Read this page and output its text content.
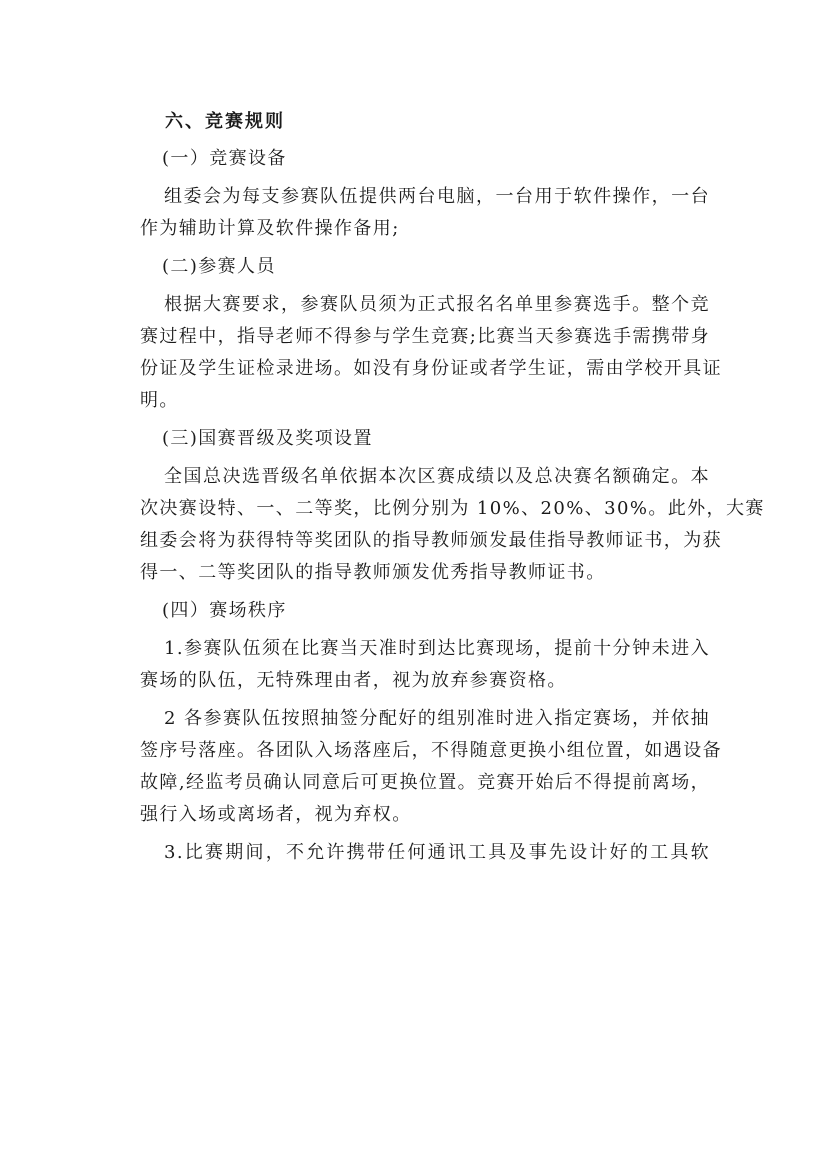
六、竞赛规则
(一）竞赛设备
组委会为每支参赛队伍提供两台电脑，一台用于软件操作，一台
作为辅助计算及软件操作备用;
(二)参赛人员
根据大赛要求，参赛队员须为正式报名名单里参赛选手。整个竞
赛过程中，指导老师不得参与学生竞赛;比赛当天参赛选手需携带身
份证及学生证检录进场。如没有身份证或者学生证，需由学校开具证
明。
(三)国赛晋级及奖项设置
全国总决选晋级名单依据本次区赛成绩以及总决赛名额确定。本
次决赛设特、一、二等奖，比例分别为 10%、20%、30%。此外，大赛
组委会将为获得特等奖团队的指导教师颁发最佳指导教师证书，为获
得一、二等奖团队的指导教师颁发优秀指导教师证书。
(四）赛场秩序
1.参赛队伍须在比赛当天准时到达比赛现场，提前十分钟未进入
赛场的队伍，无特殊理由者，视为放弃参赛资格。
2 各参赛队伍按照抽签分配好的组别准时进入指定赛场，并依抽
签序号落座。各团队入场落座后，不得随意更换小组位置，如遇设备
故障,经监考员确认同意后可更换位置。竞赛开始后不得提前离场，
强行入场或离场者，视为弃权。
3.比赛期间，不允许携带任何通讯工具及事先设计好的工具软
